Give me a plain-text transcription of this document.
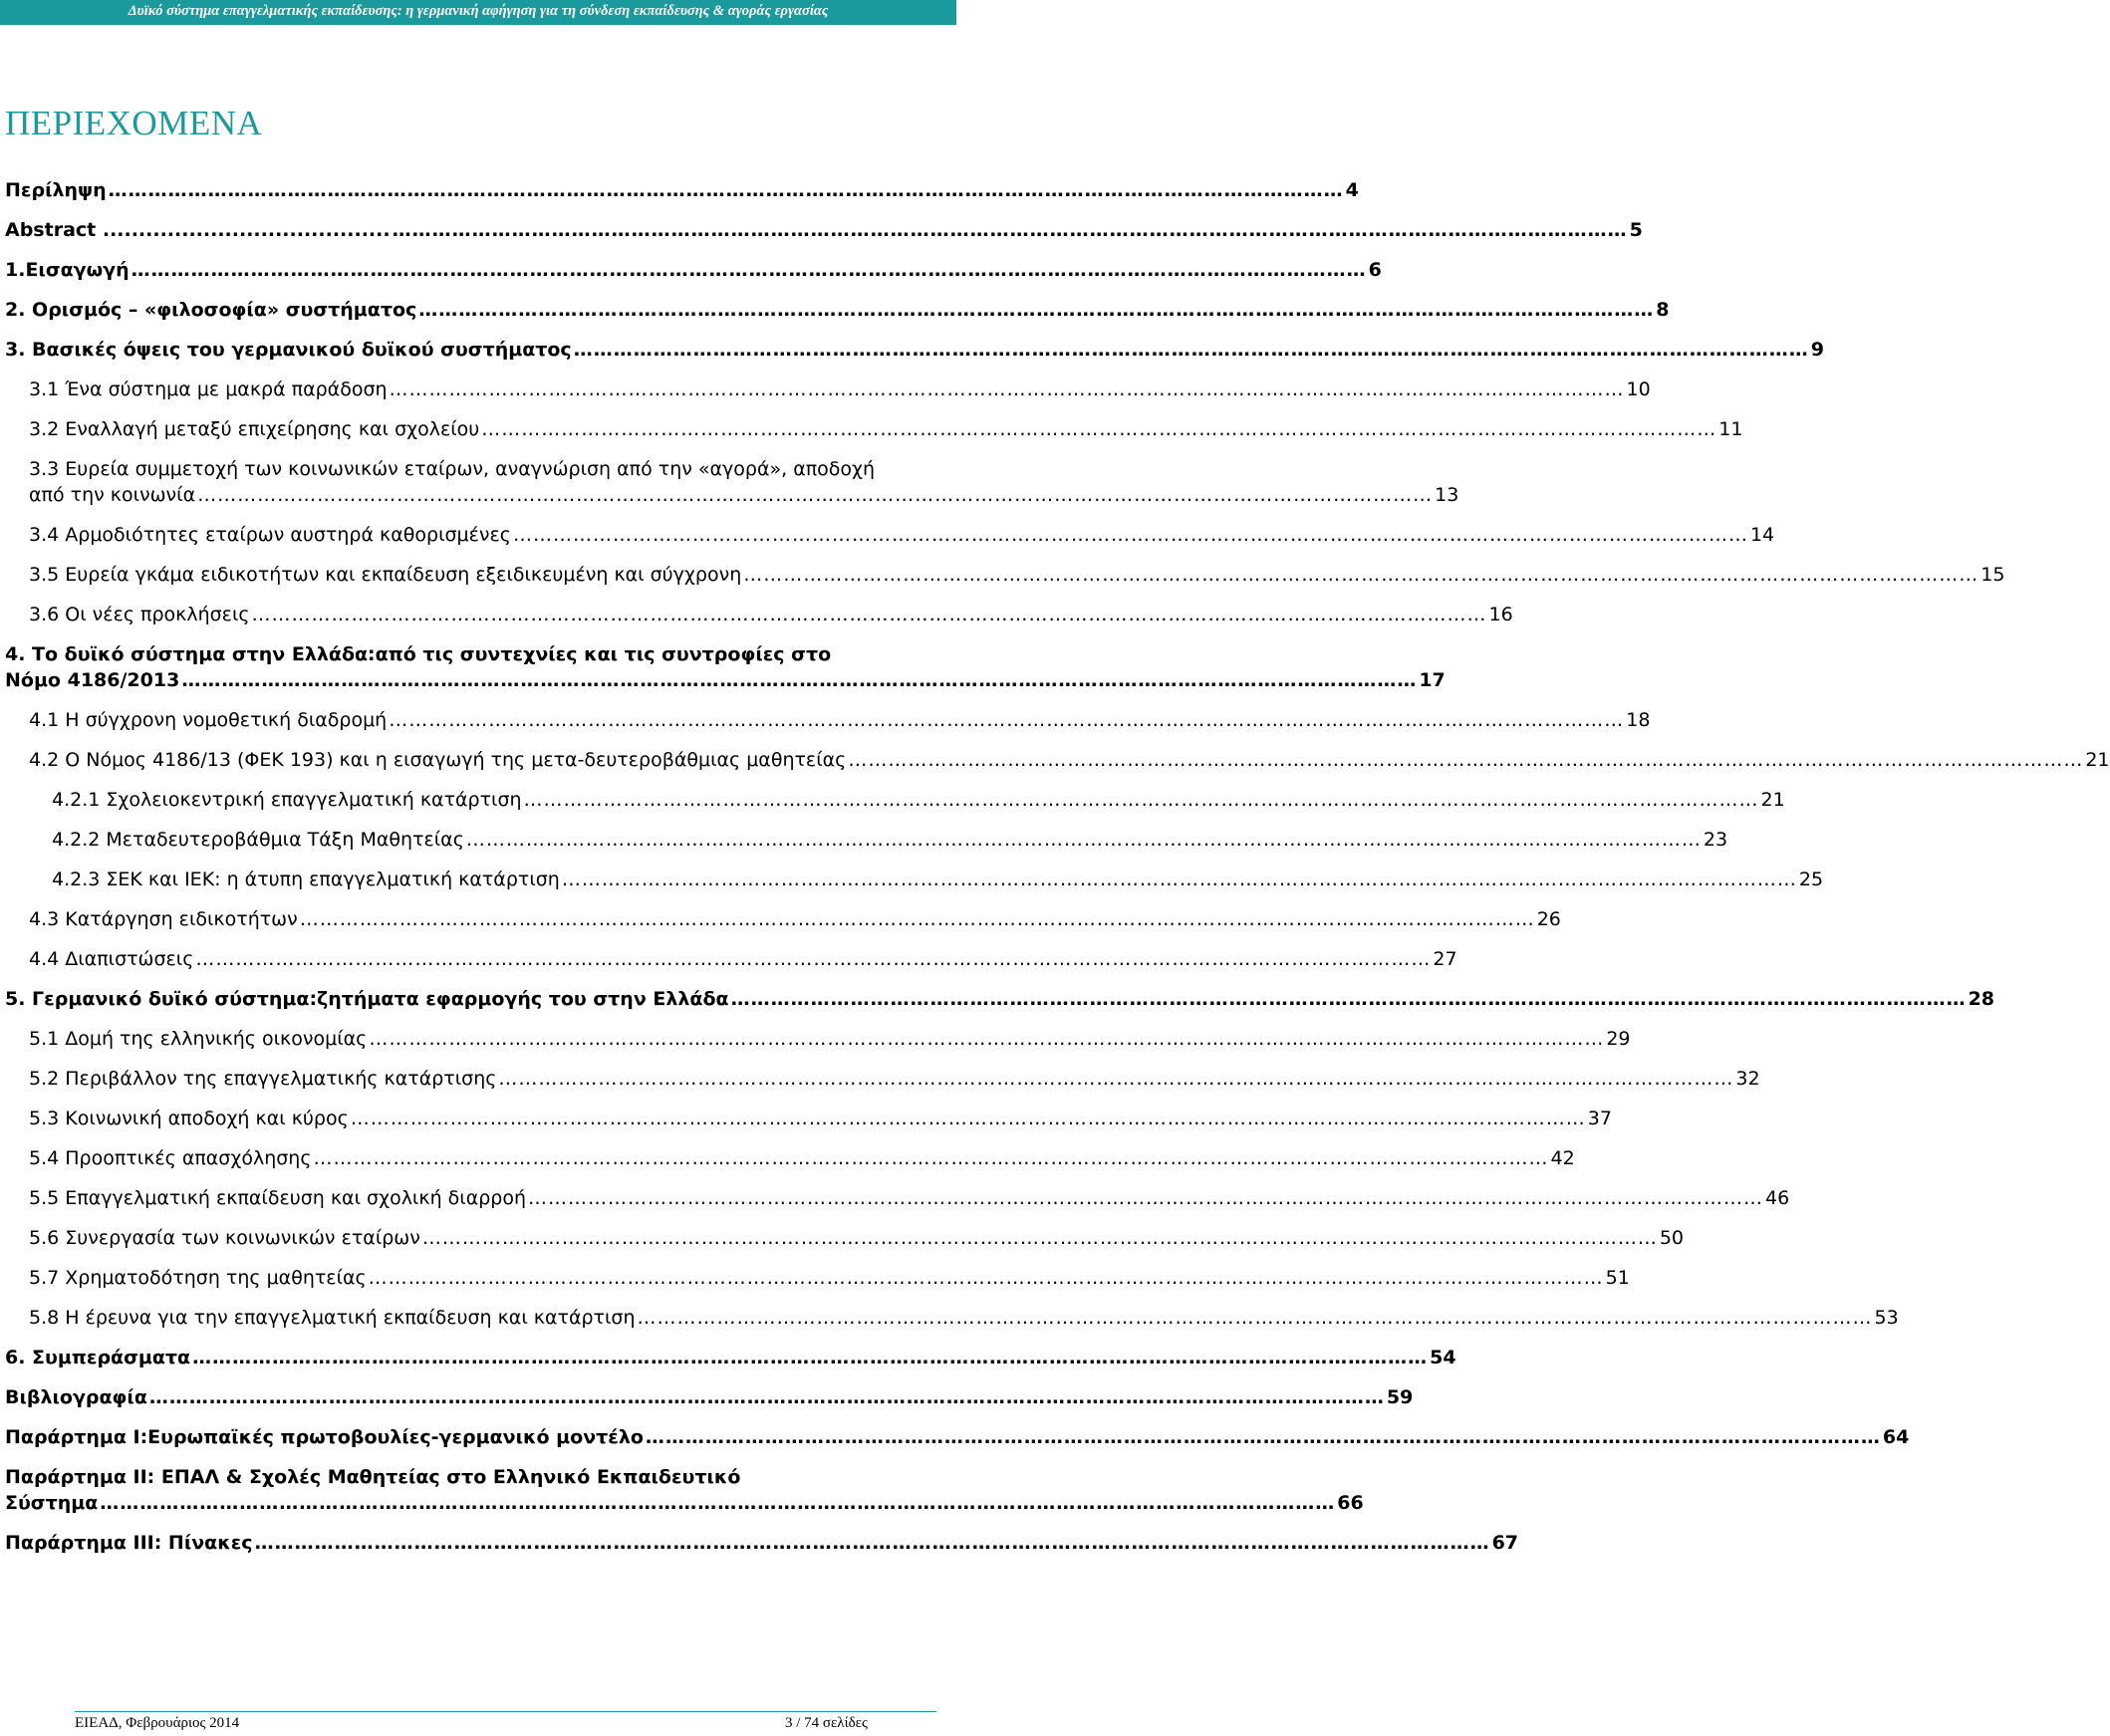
Δυϊκό σύστημα επαγγελματικής εκπαίδευσης: η γερμανική αφήγηση για τη σύνδεση εκπαίδευσης & αγοράς εργασίας
ΠΕΡΙΕΧΟΜΕΝΑ
Περίληψη ……………………………………………………………………………………………………………………………………………………………………	4
Abstract ........................................ ……………………………………………………………………………………………………………………………………………………………………	5
1.Εισαγωγή ……………………………………………………………………………………………………………………………………………………………………	6
2. Ορισμός – «φιλοσοφία» συστήματος ……………………………………………………………………………………………………………………………………………………………………	8
3. Βασικές όψεις του γερμανικού δυϊκού συστήματος ……………………………………………………………………………………………………………………………………………………………………	9
3.1 Ένα σύστημα με μακρά παράδοση ……………………………………………………………………………………………………………………………………………………………………	10
3.2 Εναλλαγή μεταξύ επιχείρησης και σχολείου ……………………………………………………………………………………………………………………………………………………………………	11
3.3 Ευρεία συμμετοχή των κοινωνικών εταίρων, αναγνώριση από την «αγορά», αποδοχή
από την κοινωνία ……………………………………………………………………………………………………………………………………………………………………	13
3.4 Αρμοδιότητες εταίρων αυστηρά καθορισμένες ……………………………………………………………………………………………………………………………………………………………………	14
3.5 Ευρεία γκάμα ειδικοτήτων και εκπαίδευση εξειδικευμένη και σύγχρονη ……………………………………………………………………………………………………………………………………………………………………	15
3.6 Οι νέες προκλήσεις ……………………………………………………………………………………………………………………………………………………………………	16
4. Το δυϊκό σύστημα στην Ελλάδα:από τις συντεχνίες και τις συντροφίες στο
Νόμο 4186/2013 ……………………………………………………………………………………………………………………………………………………………………	17
4.1 Η σύγχρονη νομοθετική διαδρομή ……………………………………………………………………………………………………………………………………………………………………	18
4.2 Ο Νόμος 4186/13 (ΦΕΚ 193) και η εισαγωγή της μετα-δευτεροβάθμιας μαθητείας ……………………………………………………………………………………………………………………………………………………………………	21
4.2.1 Σχολειοκεντρική επαγγελματική κατάρτιση ……………………………………………………………………………………………………………………………………………………………………	21
4.2.2 Μεταδευτεροβάθμια Τάξη Μαθητείας ……………………………………………………………………………………………………………………………………………………………………	23
4.2.3 ΣΕΚ και ΙΕΚ: η άτυπη επαγγελματική κατάρτιση ……………………………………………………………………………………………………………………………………………………………………	25
4.3 Κατάργηση ειδικοτήτων ……………………………………………………………………………………………………………………………………………………………………	26
4.4 Διαπιστώσεις ……………………………………………………………………………………………………………………………………………………………………	27
5. Γερμανικό δυϊκό σύστημα:ζητήματα εφαρμογής του στην Ελλάδα ……………………………………………………………………………………………………………………………………………………………………	28
5.1 Δομή της ελληνικής οικονομίας ……………………………………………………………………………………………………………………………………………………………………	29
5.2 Περιβάλλον της επαγγελματικής κατάρτισης ……………………………………………………………………………………………………………………………………………………………………	32
5.3 Κοινωνική αποδοχή και κύρος ……………………………………………………………………………………………………………………………………………………………………	37
5.4 Προοπτικές απασχόλησης ……………………………………………………………………………………………………………………………………………………………………	42
5.5 Επαγγελματική εκπαίδευση και σχολική διαρροή ……………………………………………………………………………………………………………………………………………………………………	46
5.6 Συνεργασία των κοινωνικών εταίρων ……………………………………………………………………………………………………………………………………………………………………	50
5.7 Χρηματοδότηση της μαθητείας ……………………………………………………………………………………………………………………………………………………………………	51
5.8 Η έρευνα για την επαγγελματική εκπαίδευση και κατάρτιση ……………………………………………………………………………………………………………………………………………………………………	53
6. Συμπεράσματα ……………………………………………………………………………………………………………………………………………………………………	54
Βιβλιογραφία ……………………………………………………………………………………………………………………………………………………………………	59
Παράρτημα Ι:Ευρωπαϊκές πρωτοβουλίες-γερμανικό μοντέλο ……………………………………………………………………………………………………………………………………………………………………	64
Παράρτημα ΙΙ: ΕΠΑΛ & Σχολές Μαθητείας στο Ελληνικό Εκπαιδευτικό
Σύστημα ……………………………………………………………………………………………………………………………………………………………………	66
Παράρτημα ΙΙΙ: Πίνακες ……………………………………………………………………………………………………………………………………………………………………	67
ΕΙΕΑΔ, Φεβρουάριος 2014	3 / 74 σελίδες
